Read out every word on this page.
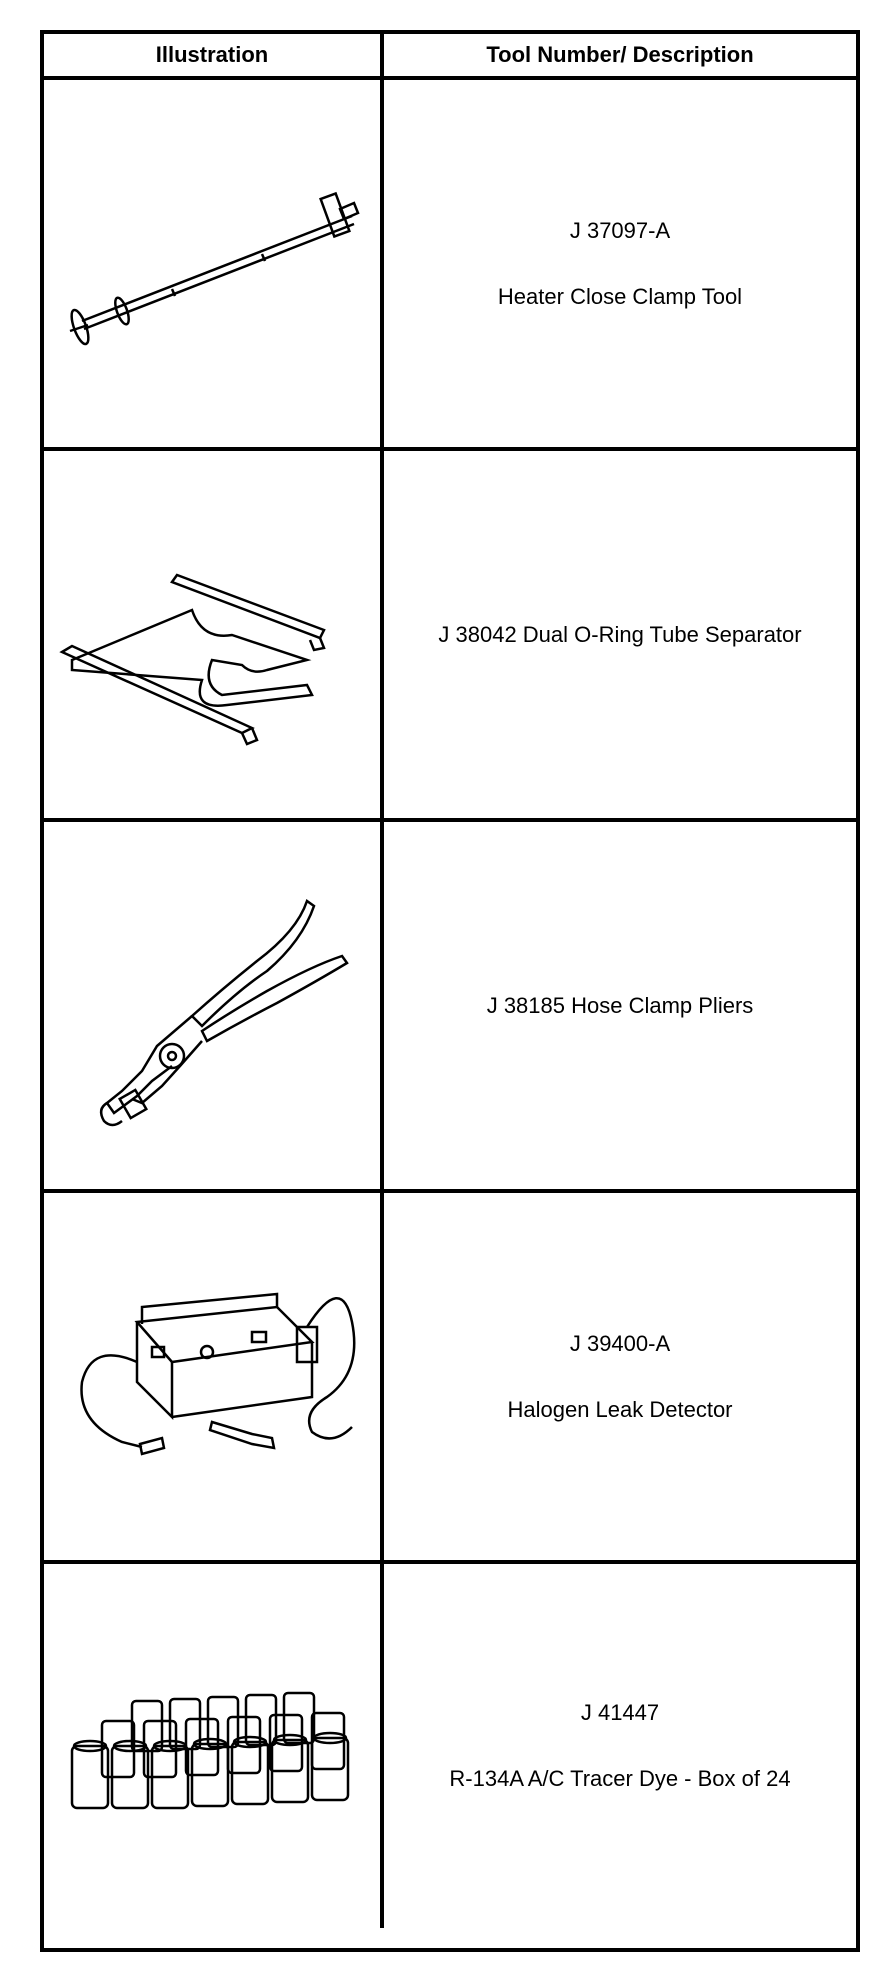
Illustration	Tool Number/ Description
J 37097-A
Heater Close Clamp Tool
J 38042 Dual O-Ring Tube Separator
J 38185 Hose Clamp Pliers
J 39400-A
Halogen Leak Detector
J 41447
R-134A A/C Tracer Dye - Box of 24
